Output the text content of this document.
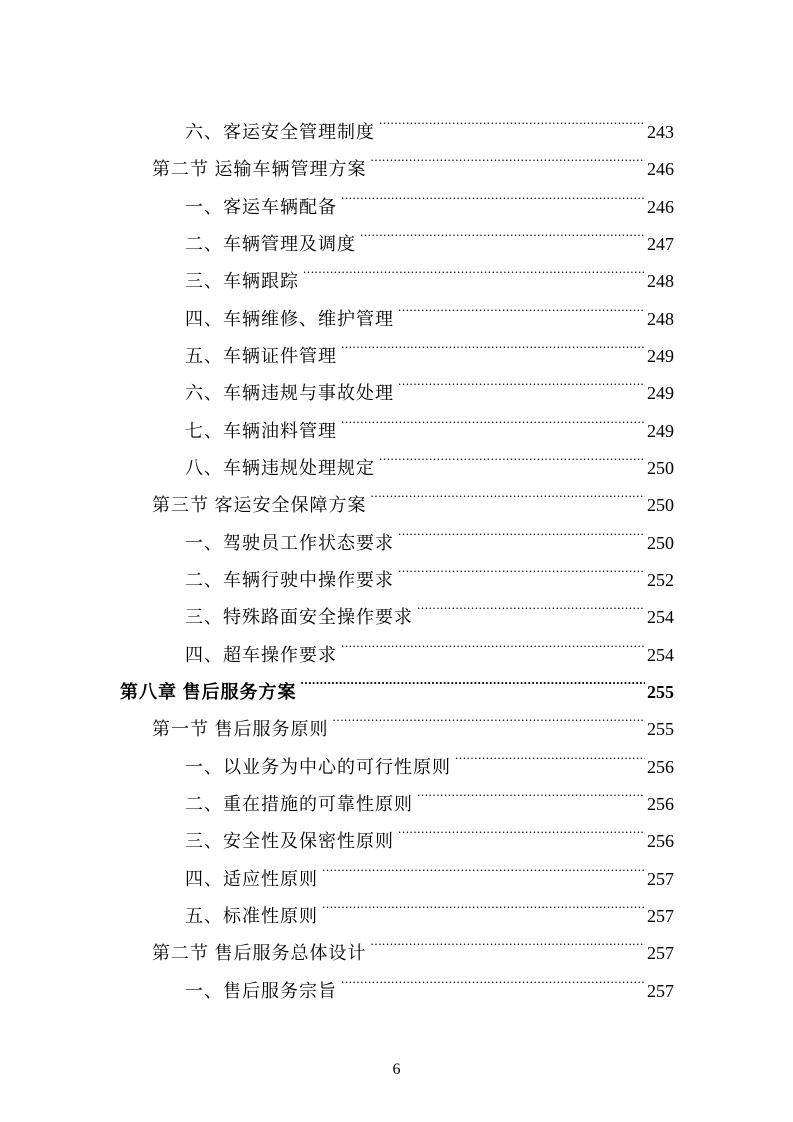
六、客运安全管理制度 .....	243
第二节 运输车辆管理方案 .....	246
一、客运车辆配备 .....	246
二、车辆管理及调度 .....	247
三、车辆跟踪 .....	248
四、车辆维修、维护管理 .....	248
五、车辆证件管理 .....	249
六、车辆违规与事故处理 .....	249
七、车辆油料管理 .....	249
八、车辆违规处理规定 .....	250
第三节 客运安全保障方案 .....	250
一、驾驶员工作状态要求 .....	250
二、车辆行驶中操作要求 .....	252
三、特殊路面安全操作要求 .....	254
四、超车操作要求 .....	254
第八章 售后服务方案 .....	255
第一节 售后服务原则 .....	255
一、以业务为中心的可行性原则 .....	256
二、重在措施的可靠性原则 .....	256
三、安全性及保密性原则 .....	256
四、适应性原则 .....	257
五、标准性原则 .....	257
第二节 售后服务总体设计 .....	257
一、售后服务宗旨 .....	257
6
